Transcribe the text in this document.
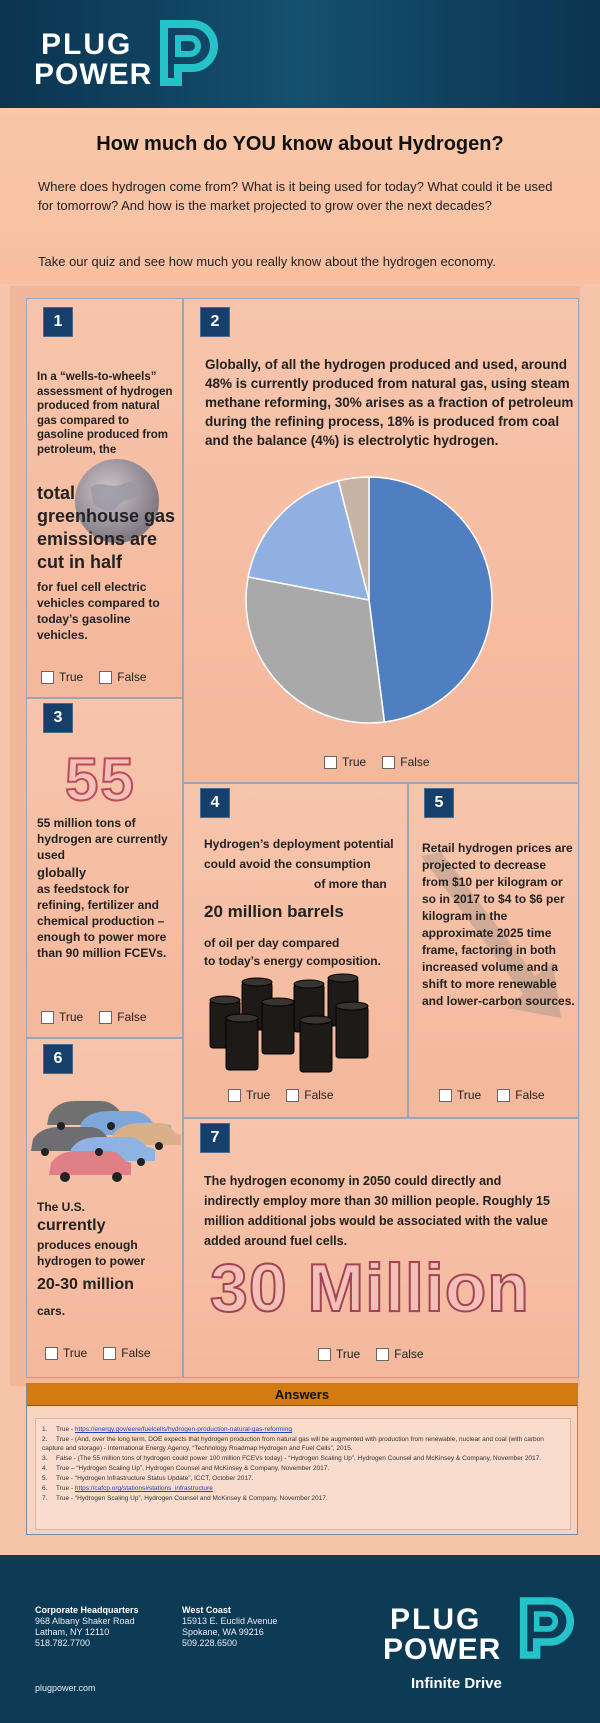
PLUG
POWER
How much do YOU know about Hydrogen?
Where does hydrogen come from? What is it being used for today? What could it be used for tomorrow? And how is the market projected to grow over the next decades?
Take our quiz and see how much you really know about the hydrogen economy.
1
In a “wells-to-wheels” assessment of hydrogen produced from natural gas compared to gasoline produced from petroleum, the
total greenhouse gas emissions are cut in half
for fuel cell electric vehicles compared to today’s gasoline vehicles.
True	False
2
Globally, of all the hydrogen produced and used, around 48% is currently produced from natural gas, using steam methane reforming, 30% arises as a fraction of petroleum during the refining process, 18% is produced from coal and the balance (4%) is electrolytic hydrogen.
True	False
3
55
55 million tons of hydrogen are currently used
globally
as feedstock for refining, fertilizer and chemical production – enough to power more than 90 million FCEVs.
True	False
4
Hydrogen’s deployment potential could avoid the consumption
of more than
20 million barrels
of oil per day compared
to today’s energy composition.
True	False
5
Retail hydrogen prices are projected to decrease from $10 per kilogram or so in 2017 to $4 to $6 per kilogram in the approximate 2025 time frame, factoring in both increased volume and a shift to more renewable and lower-carbon sources.
True	False
6
The U.S.
currently
produces enough hydrogen to power
20-30 million
cars.
True	False
7
The hydrogen economy in 2050 could directly and indirectly employ more than 30 million people. Roughly 15 million additional jobs would be associated with the value added around fuel cells.
30 Million
True	False
Answers
1.True - https://energy.gov/eere/fuelcells/hydrogen-production-natural-gas-reforming
2.True - (And, over the long term, DOE expects that hydrogen production from natural gas will be augmented with production from renewable, nuclear and coal (with carbon capture and storage) - International Energy Agency, “Technology Roadmap Hydrogen and Fuel Cells”, 2015.
3.False - (The 55 million tons of hydrogen could power 100 million FCEVs today) - “Hydrogen Scaling Up”, Hydrogen Counsel and McKinsey & Company, November 2017.
4.True – “Hydrogen Scaling Up”, Hydrogen Counsel and McKinsey & Company, November 2017.
5.True - “Hydrogen Infrastructure Status Update”, ICCT, October 2017.
6.True - https://cafcp.org/stations#stations_infrastructure
7.True - “Hydrogen Scaling Up”, Hydrogen Counsel and McKinsey & Company, November 2017.
Corporate Headquarters
968 Albany Shaker Road
Latham, NY 12110
518.782.7700
West Coast
15913 E. Euclid Avenue
Spokane, WA 99216
509.228.6500
plugpower.com
PLUG
POWER
Infinite Drive
